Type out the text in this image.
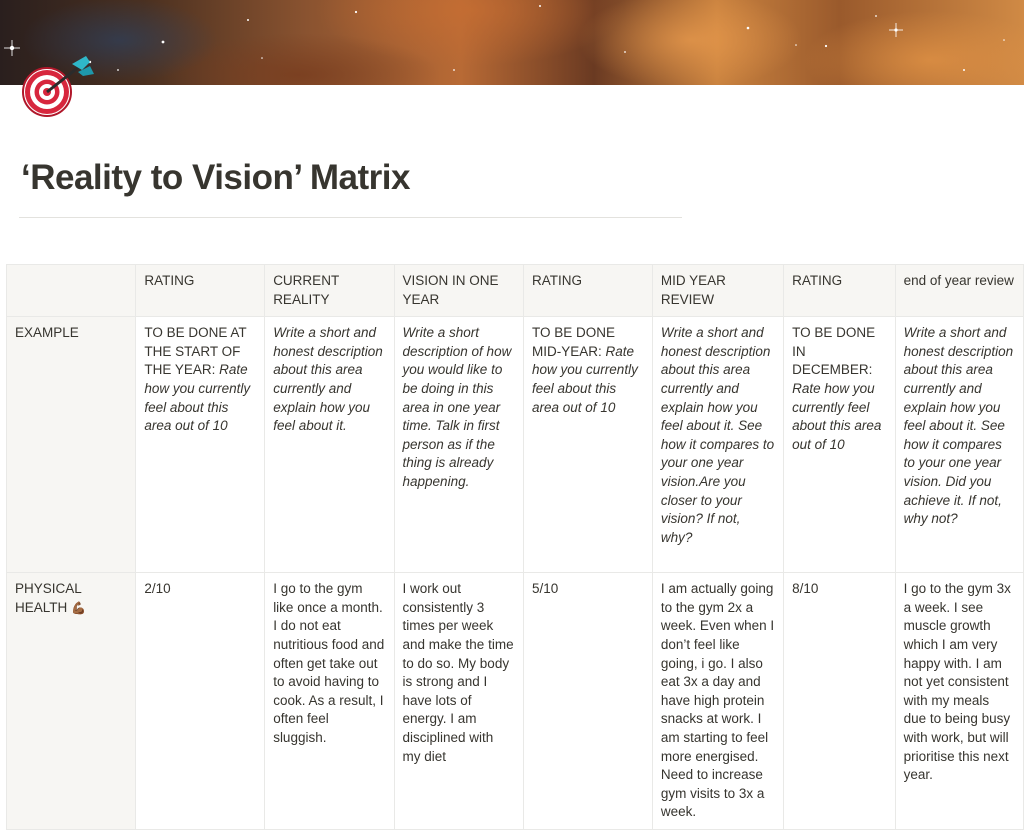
‘Reality to Vision’ Matrix
	RATING	CURRENT REALITY	VISION IN ONE YEAR	RATING	MID YEAR REVIEW	RATING	end of year review
EXAMPLE	TO BE DONE AT THE START OF THE YEAR: Rate how you currently feel about this area out of 10	Write a short and honest description about this area currently and explain how you feel about it.	Write a short description of how you would like to be doing in this area in one year time. Talk in first person as if the thing is already happening.	TO BE DONE MID-YEAR: Rate how you currently feel about this area out of 10	Write a short and honest description about this area currently and explain how you feel about it. See how it compares to your one year vision.Are you closer to your vision? If not, why?	TO BE DONE IN DECEMBER: Rate how you currently feel about this area out of 10	Write a short and honest description about this area currently and explain how you feel about it. See how it compares to your one year vision. Did you achieve it. If not, why not?
PHYSICAL HEALTH 💪🏾	2/10	I go to the gym like once a month. I do not eat nutritious food and often get take out to avoid having to cook. As a result, I often feel sluggish.	I work out consistently 3 times per week and make the time to do so. My body is strong and I have lots of energy. I am disciplined with my diet	5/10	I am actually going to the gym 2x a week. Even when I don’t feel like going, i go. I also eat 3x a day and have high protein snacks at work. I am starting to feel more energised. Need to increase gym visits to 3x a week.	8/10	I go to the gym 3x a week. I see muscle growth which I am very happy with. I am not yet consistent with my meals due to being busy with work, but will prioritise this next year.
